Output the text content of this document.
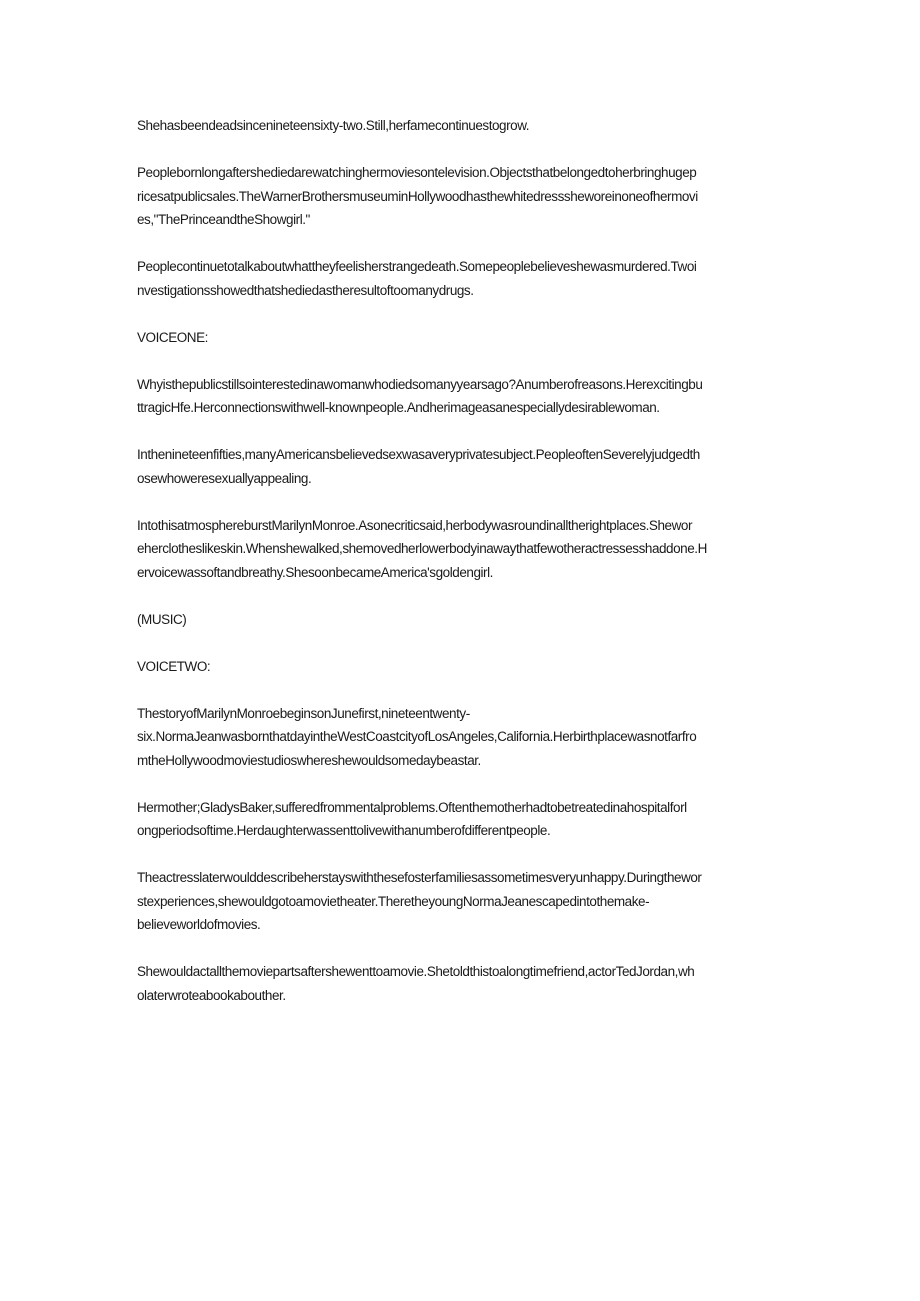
Shehasbeendeadsincenineteensixty-two.Still,herfamecontinuestogrow.
Peoplebornlongaftershediedarewatchinghermoviesontelevision.Objectsthatbelongedtoherbringhugep
ricesatpublicsales.TheWarnerBrothersmuseuminHollywoodhasthewhitedresssheworeinoneofhermovi
es,"ThePrinceandtheShowgirl."
Peoplecontinuetotalkaboutwhattheyfeelisherstrangedeath.Somepeoplebelieveshewasmurdered.Twoi
nvestigationsshowedthatshediedastheresultoftoomanydrugs.
VOICEONE:
Whyisthepublicstillsointerestedinawomanwhodiedsomanyyearsago?Anumberofreasons.Herexcitingbu
ttragicHfe.Herconnectionswithwell-knownpeople.Andherimageasanespeciallydesirablewoman.
Inthenineteenfifties,manyAmericansbelievedsexwasaveryprivatesubject.PeopleoftenSeverelyjudgedth
osewhoweresexuallyappealing.
IntothisatmosphereburstMarilynMonroe.Asonecriticsaid,herbodywasroundinalltherightplaces.Shewor
eherclotheslikeskin.Whenshewalked,shemovedherlowerbodyinawaythatfewotheractressesshaddone.H
ervoicewassoftandbreathy.ShesoonbecameAmerica'sgoldengirl.
(MUSIC)
VOICETWO:
ThestoryofMarilynMonroebeginsonJunefirst,nineteentwenty-
six.NormaJeanwasbornthatdayintheWestCoastcityofLosAngeles,California.Herbirthplacewasnotfarfro
mtheHollywoodmoviestudioswhereshewouldsomedaybeastar.
Hermother;GladysBaker,sufferedfrommentalproblems.Oftenthemotherhadtobetreatedinahospitalforl
ongperiodsoftime.Herdaughterwassenttolivewithanumberofdifferentpeople.
Theactresslaterwoulddescribeherstayswiththesefosterfamiliesassometimesveryunhappy.Duringthewor
stexperiences,shewouldgotoamovietheater.TheretheyoungNormaJeanescapedintothemake-
believeworldofmovies.
Shewouldactallthemoviepartsaftershewenttoamovie.Shetoldthistoalongtimefriend,actorTedJordan,wh
olaterwroteabookabouther.
